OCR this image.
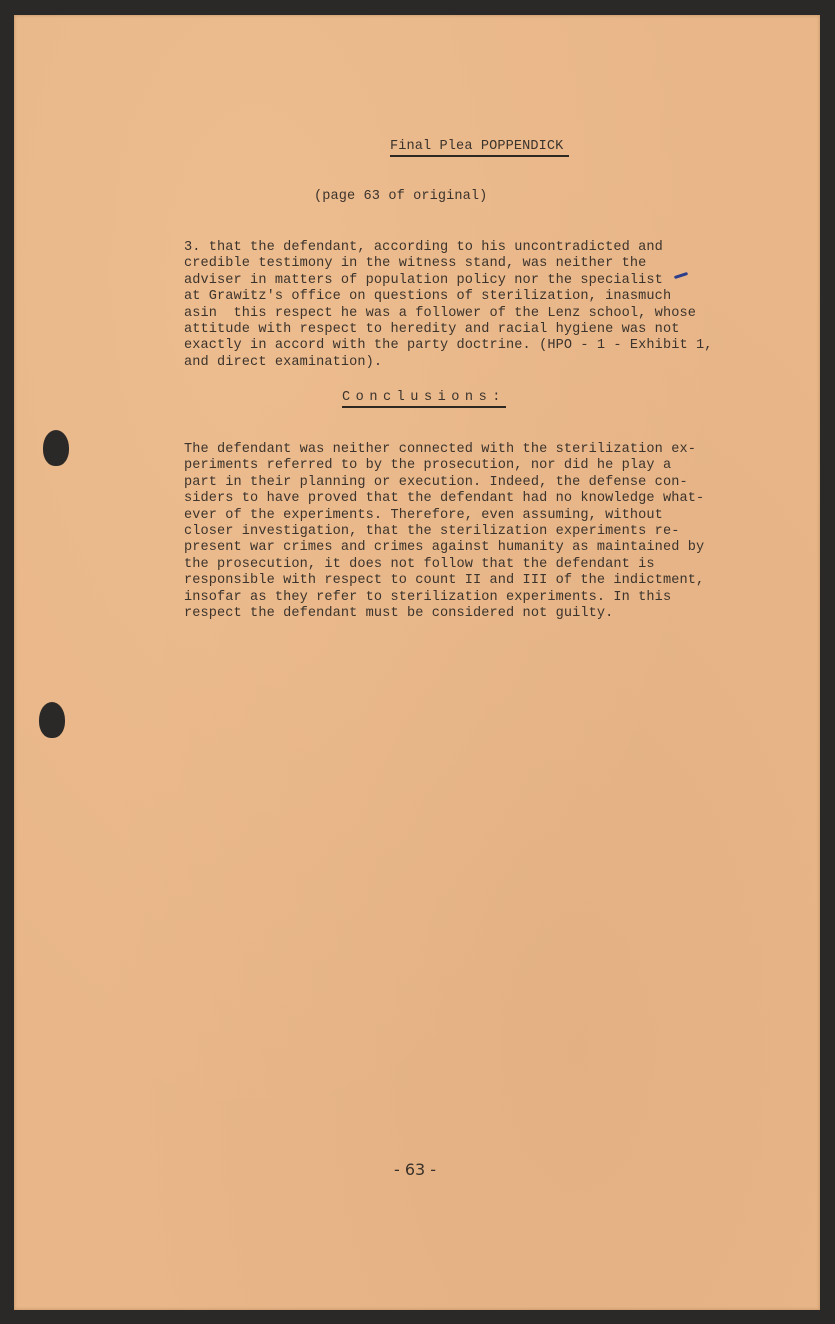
Final Plea POPPENDICK
(page 63 of original)
3. that the defendant, according to his uncontradicted and
credible testimony in the witness stand, was neither the
adviser in matters of population policy nor the specialist
at Grawitz's office on questions of sterilization, inasmuch
asin  this respect he was a follower of the Lenz school, whose
attitude with respect to heredity and racial hygiene was not
exactly in accord with the party doctrine. (HPO - 1 - Exhibit 1,
and direct examination).
Conclusions:
The defendant was neither connected with the sterilization ex-
periments referred to by the prosecution, nor did he play a
part in their planning or execution. Indeed, the defense con-
siders to have proved that the defendant had no knowledge what-
ever of the experiments. Therefore, even assuming, without
closer investigation, that the sterilization experiments re-
present war crimes and crimes against humanity as maintained by
the prosecution, it does not follow that the defendant is
responsible with respect to count II and III of the indictment,
insofar as they refer to sterilization experiments. In this
respect the defendant must be considered not guilty.
- 63 -
